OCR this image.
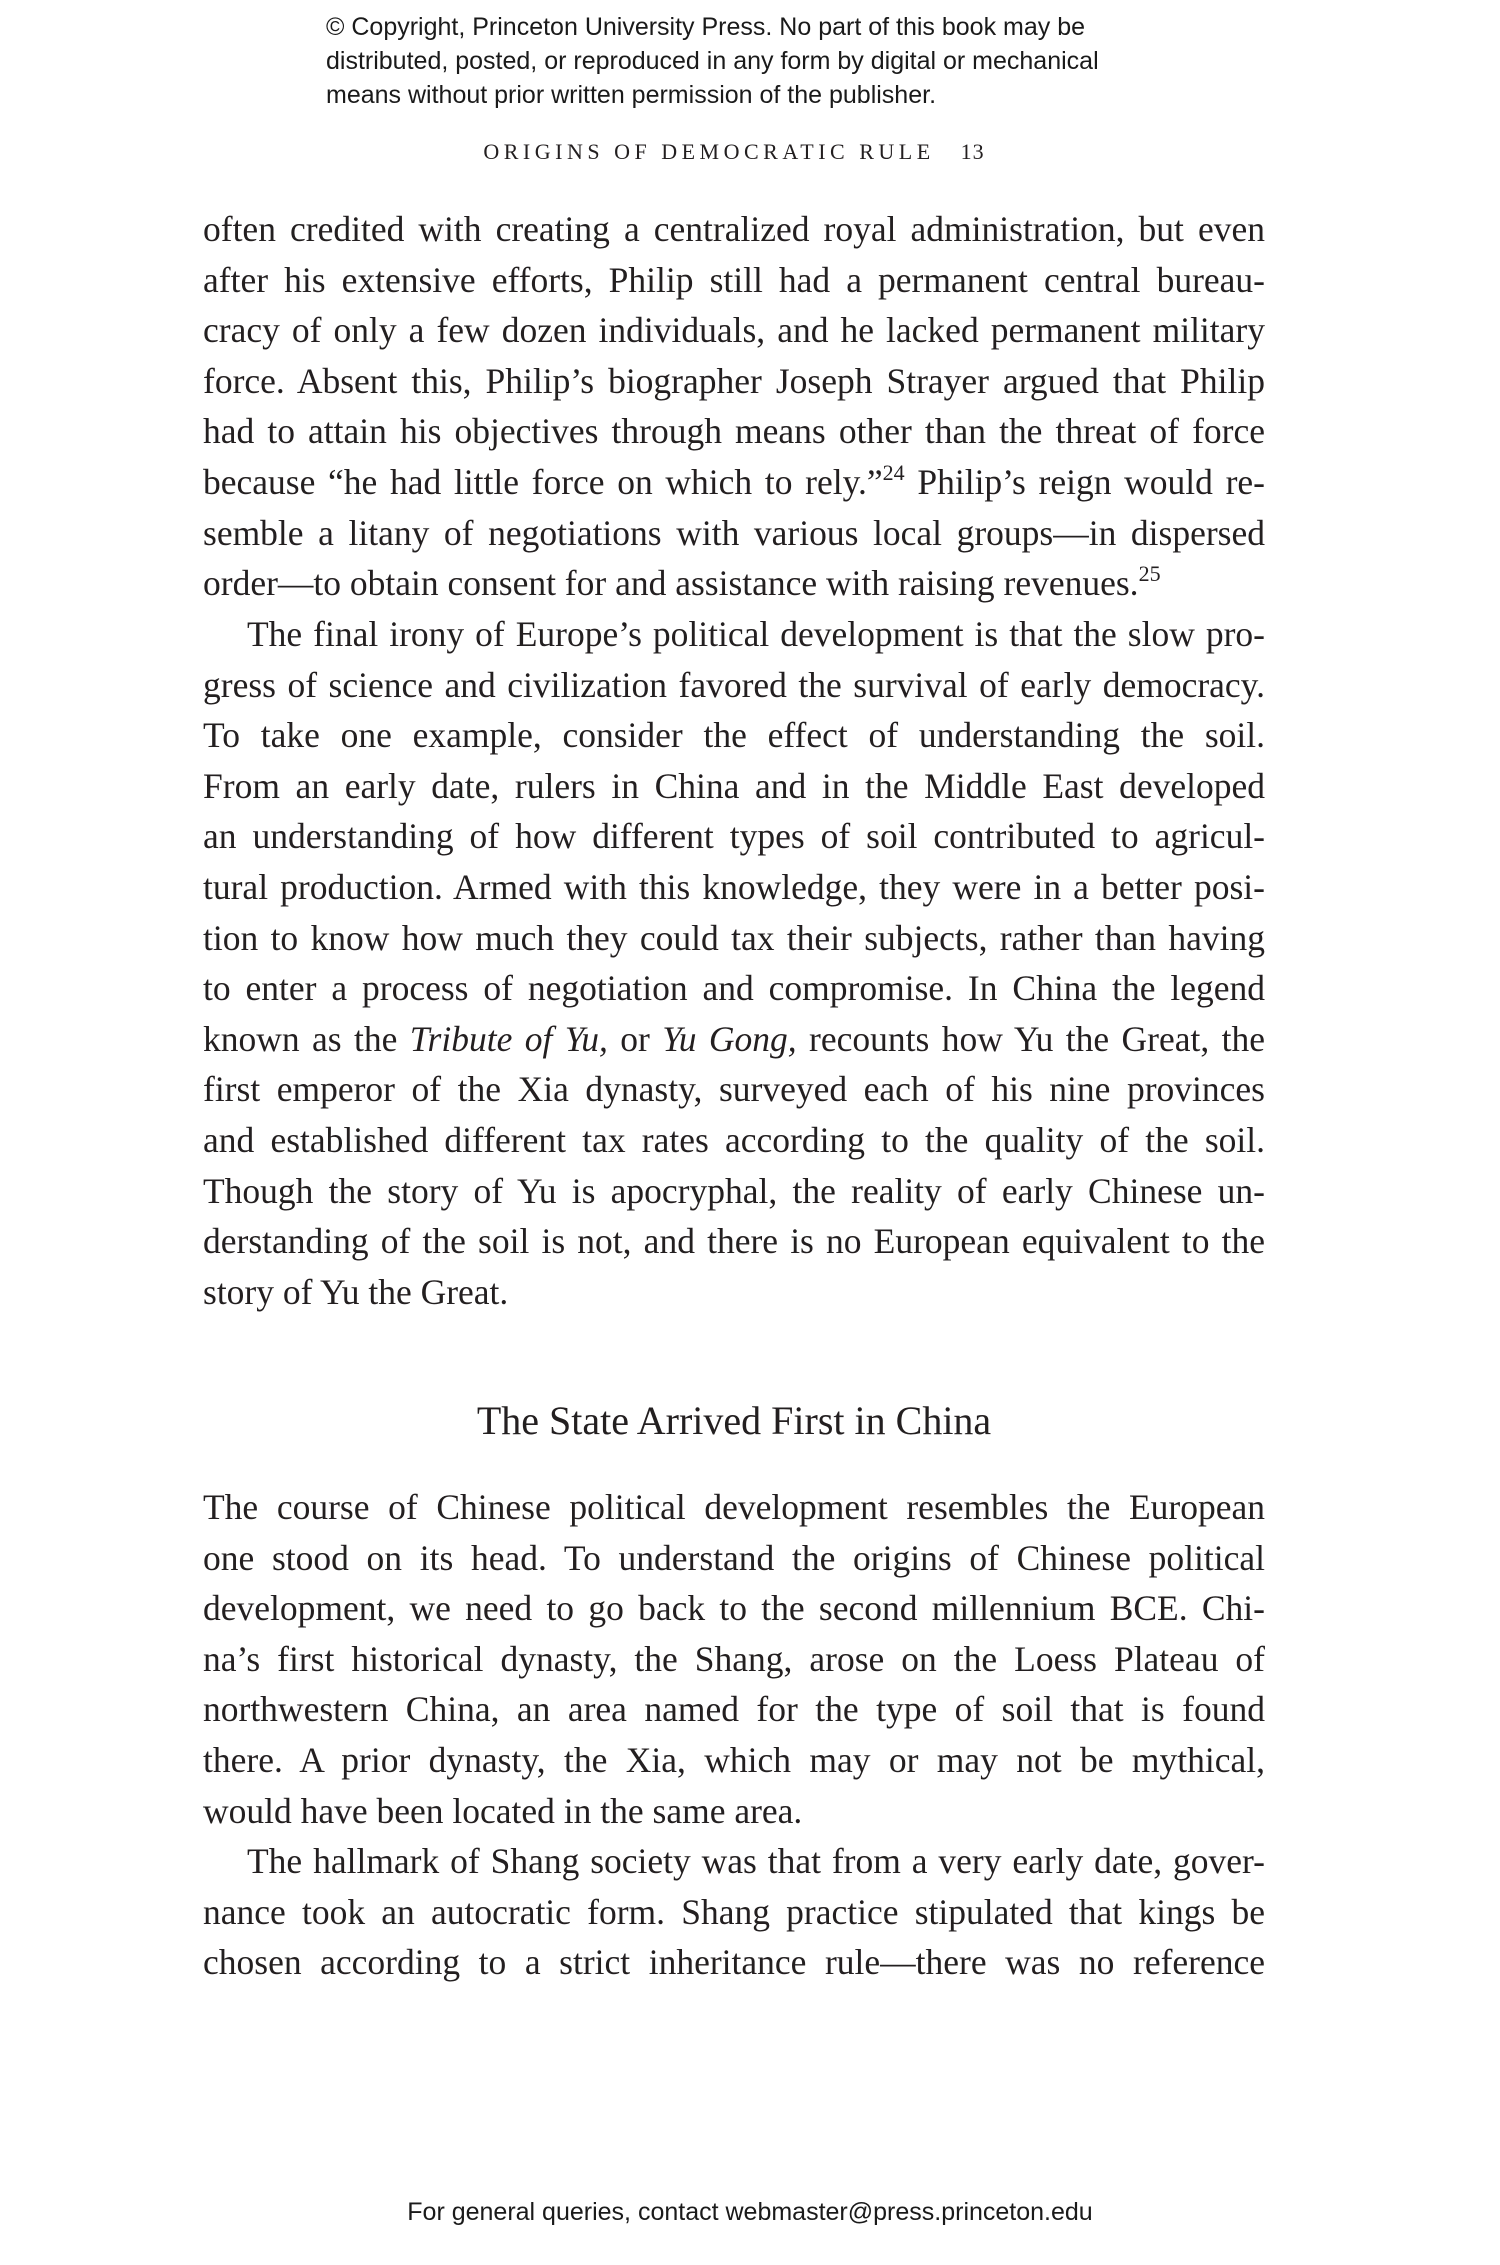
© Copyright, Princeton University Press. No part of this book may be
distributed, posted, or reproduced in any form by digital or mechanical
means without prior written permission of the publisher.
ORIGINS OF DEMOCRATIC RULE 13
often credited with creating a centralized royal administration, but even
after his extensive efforts, Philip still had a permanent central bureau-
cracy of only a few dozen individuals, and he lacked permanent military
force. Absent this, Philip’s biographer Joseph Strayer argued that Philip
had to attain his objectives through means other than the threat of force
because “he had little force on which to rely.”$^{24}$ Philip’s reign would re-
semble a litany of negotiations with various local groups—in dispersed
order—to obtain consent for and assistance with raising revenues.$^{25}$
The final irony of Europe’s political development is that the slow pro-
gress of science and civilization favored the survival of early democracy.
To take one example, consider the effect of understanding the soil.
From an early date, rulers in China and in the Middle East developed
an understanding of how different types of soil contributed to agricul-
tural production. Armed with this knowledge, they were in a better posi-
tion to know how much they could tax their subjects, rather than having
to enter a process of negotiation and compromise. In China the legend
known as the Tribute of Yu, or Yu Gong, recounts how Yu the Great, the
first emperor of the Xia dynasty, surveyed each of his nine provinces
and established different tax rates according to the quality of the soil.
Though the story of Yu is apocryphal, the reality of early Chinese un-
derstanding of the soil is not, and there is no European equivalent to the
story of Yu the Great.
The State Arrived First in China
The course of Chinese political development resembles the European
one stood on its head. To understand the origins of Chinese political
development, we need to go back to the second millennium BCE. Chi-
na’s first historical dynasty, the Shang, arose on the Loess Plateau of
northwestern China, an area named for the type of soil that is found
there. A prior dynasty, the Xia, which may or may not be mythical,
would have been located in the same area.
The hallmark of Shang society was that from a very early date, gover-
nance took an autocratic form. Shang practice stipulated that kings be
chosen according to a strict inheritance rule—there was no reference
For general queries, contact webmaster@press.princeton.edu
